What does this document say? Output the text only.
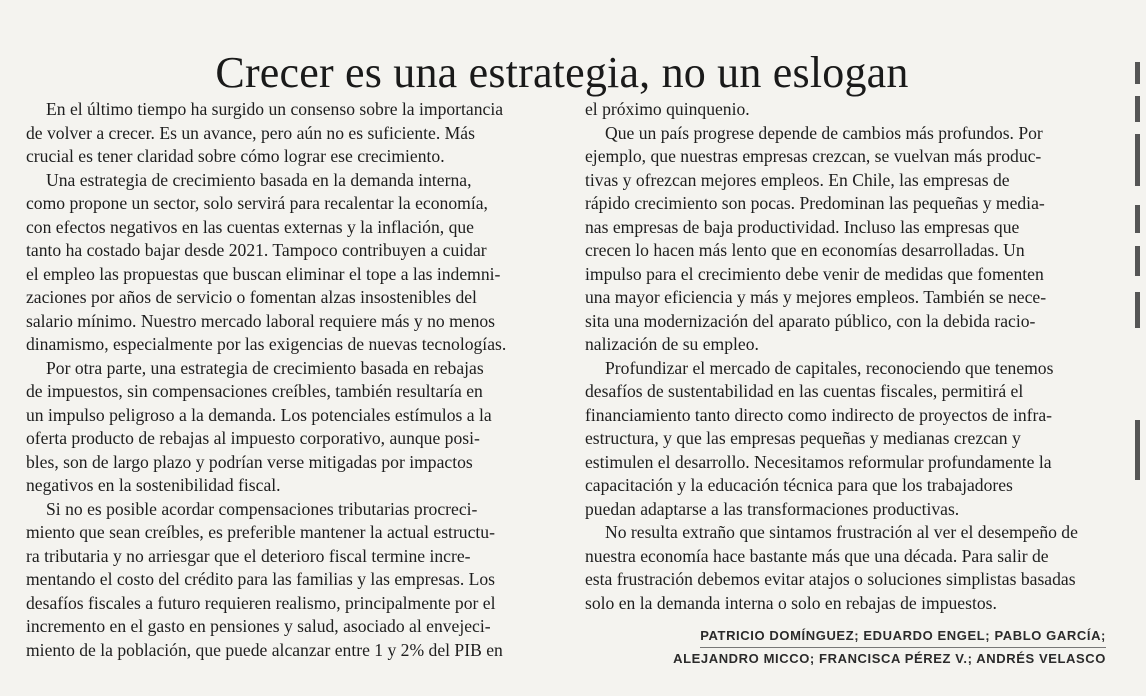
Crecer es una estrategia, no un eslogan
En el último tiempo ha surgido un consenso sobre la importancia
de volver a crecer. Es un avance, pero aún no es suficiente. Más
crucial es tener claridad sobre cómo lograr ese crecimiento.
Una estrategia de crecimiento basada en la demanda interna,
como propone un sector, solo servirá para recalentar la economía,
con efectos negativos en las cuentas externas y la inflación, que
tanto ha costado bajar desde 2021. Tampoco contribuyen a cuidar
el empleo las propuestas que buscan eliminar el tope a las indemni-
zaciones por años de servicio o fomentan alzas insostenibles del
salario mínimo. Nuestro mercado laboral requiere más y no menos
dinamismo, especialmente por las exigencias de nuevas tecnologías.
Por otra parte, una estrategia de crecimiento basada en rebajas
de impuestos, sin compensaciones creíbles, también resultaría en
un impulso peligroso a la demanda. Los potenciales estímulos a la
oferta producto de rebajas al impuesto corporativo, aunque posi-
bles, son de largo plazo y podrían verse mitigadas por impactos
negativos en la sostenibilidad fiscal.
Si no es posible acordar compensaciones tributarias procreci-
miento que sean creíbles, es preferible mantener la actual estructu-
ra tributaria y no arriesgar que el deterioro fiscal termine incre-
mentando el costo del crédito para las familias y las empresas. Los
desafíos fiscales a futuro requieren realismo, principalmente por el
incremento en el gasto en pensiones y salud, asociado al envejeci-
miento de la población, que puede alcanzar entre 1 y 2% del PIB en
el próximo quinquenio.
Que un país progrese depende de cambios más profundos. Por
ejemplo, que nuestras empresas crezcan, se vuelvan más produc-
tivas y ofrezcan mejores empleos. En Chile, las empresas de
rápido crecimiento son pocas. Predominan las pequeñas y media-
nas empresas de baja productividad. Incluso las empresas que
crecen lo hacen más lento que en economías desarrolladas. Un
impulso para el crecimiento debe venir de medidas que fomenten
una mayor eficiencia y más y mejores empleos. También se nece-
sita una modernización del aparato público, con la debida racio-
nalización de su empleo.
Profundizar el mercado de capitales, reconociendo que tenemos
desafíos de sustentabilidad en las cuentas fiscales, permitirá el
financiamiento tanto directo como indirecto de proyectos de infra-
estructura, y que las empresas pequeñas y medianas crezcan y
estimulen el desarrollo. Necesitamos reformular profundamente la
capacitación y la educación técnica para que los trabajadores
puedan adaptarse a las transformaciones productivas.
No resulta extraño que sintamos frustración al ver el desempeño de
nuestra economía hace bastante más que una década. Para salir de
esta frustración debemos evitar atajos o soluciones simplistas basadas
solo en la demanda interna o solo en rebajas de impuestos.
PATRICIO DOMÍNGUEZ; EDUARDO ENGEL; PABLO GARCÍA;
ALEJANDRO MICCO; FRANCISCA PÉREZ V.; ANDRÉS VELASCO
